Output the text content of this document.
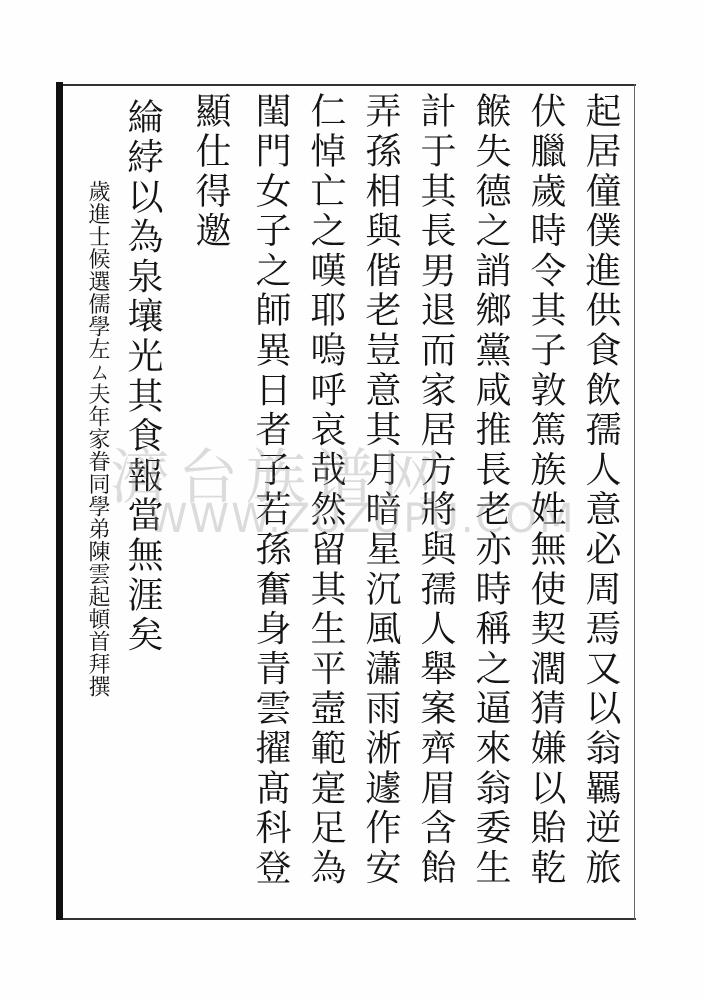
起居僮僕進供食飲孺人意必周焉又以翁羈逆旅
伏臘歲時令其子敦篤族姓無使契濶猜嫌以貽乾
餱失德之誚鄉黨咸推長老亦時稱之逼來翁委生
計于其長男退而家居方將與孺人舉案齊眉含飴
弄孫相與偕老豈意其月暗星沉風瀟雨淅遽作安
仁悼亡之嘆耶嗚呼哀哉然留其生平壼範寔足為
閨門女子之師異日者子若孫奮身青雲擢髙科登
顯仕得邀
綸綍以為泉壤光其食報當無涯矣
歲進士候選儒學左ㄙ夫年家眷同學弟陳雲起頓首拜撰 濟台族谱网
WWW.ZUZUPU.COM
